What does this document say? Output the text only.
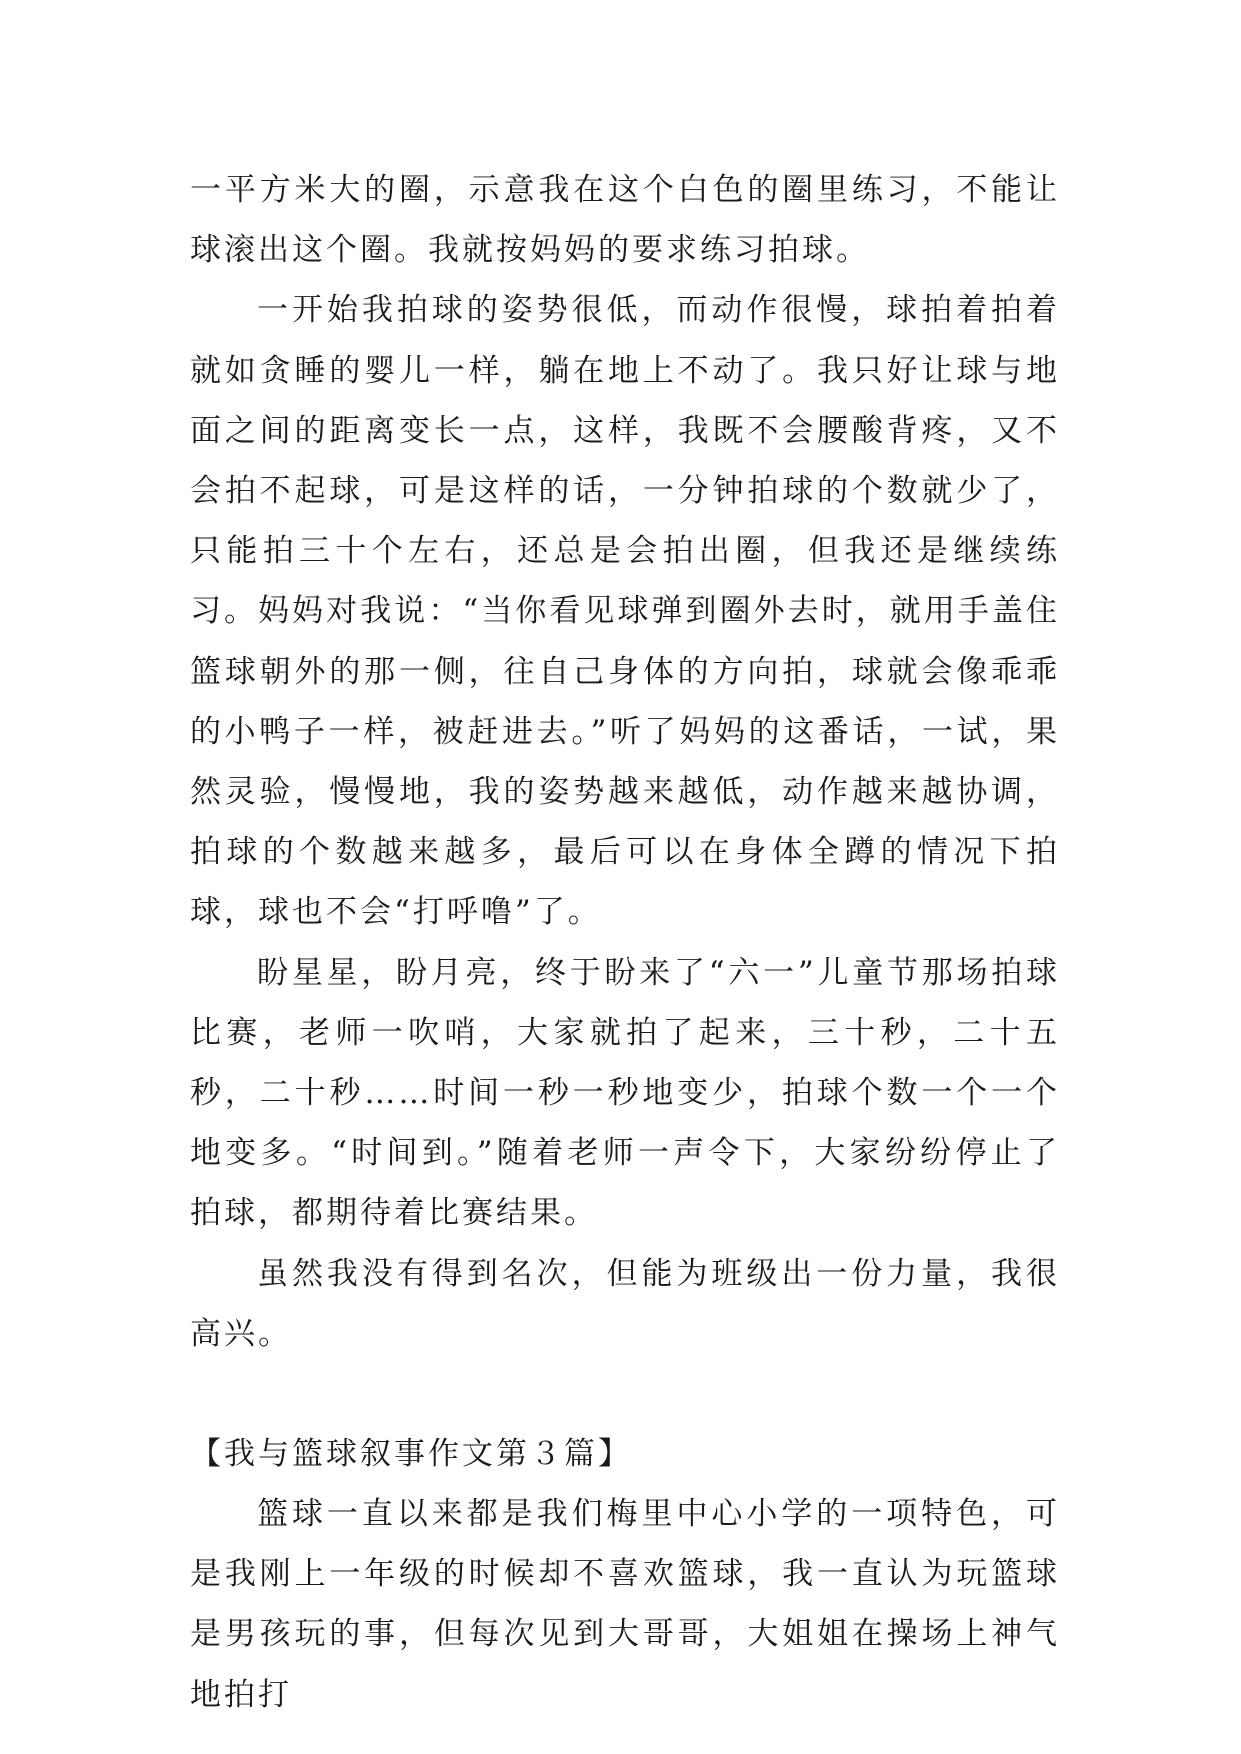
一平方米大的圈，示意我在这个白色的圈里练习，不能让球滚出这个圈。我就按妈妈的要求练习拍球。

一开始我拍球的姿势很低，而动作很慢，球拍着拍着就如贪睡的婴儿一样，躺在地上不动了。我只好让球与地面之间的距离变长一点，这样，我既不会腰酸背疼，又不会拍不起球，可是这样的话，一分钟拍球的个数就少了，只能拍三十个左右，还总是会拍出圈，但我还是继续练习。妈妈对我说：“当你看见球弹到圈外去时，就用手盖住篮球朝外的那一侧，往自己身体的方向拍，球就会像乖乖的小鸭子一样，被赶进去。”听了妈妈的这番话，一试，果然灵验，慢慢地，我的姿势越来越低，动作越来越协调，拍球的个数越来越多，最后可以在身体全蹲的情况下拍球，球也不会“打呼噜”了。

盼星星，盼月亮，终于盼来了“六一”儿童节那场拍球比赛，老师一吹哨，大家就拍了起来，三十秒，二十五秒，二十秒……时间一秒一秒地变少，拍球个数一个一个地变多。“时间到。”随着老师一声令下，大家纷纷停止了拍球，都期待着比赛结果。

虽然我没有得到名次，但能为班级出一份力量，我很高兴。

【我与篮球叙事作文第３篇】

篮球一直以来都是我们梅里中心小学的一项特色，可是我刚上一年级的时候却不喜欢篮球，我一直认为玩篮球是男孩玩的事，但每次见到大哥哥，大姐姐在操场上神气地拍打
